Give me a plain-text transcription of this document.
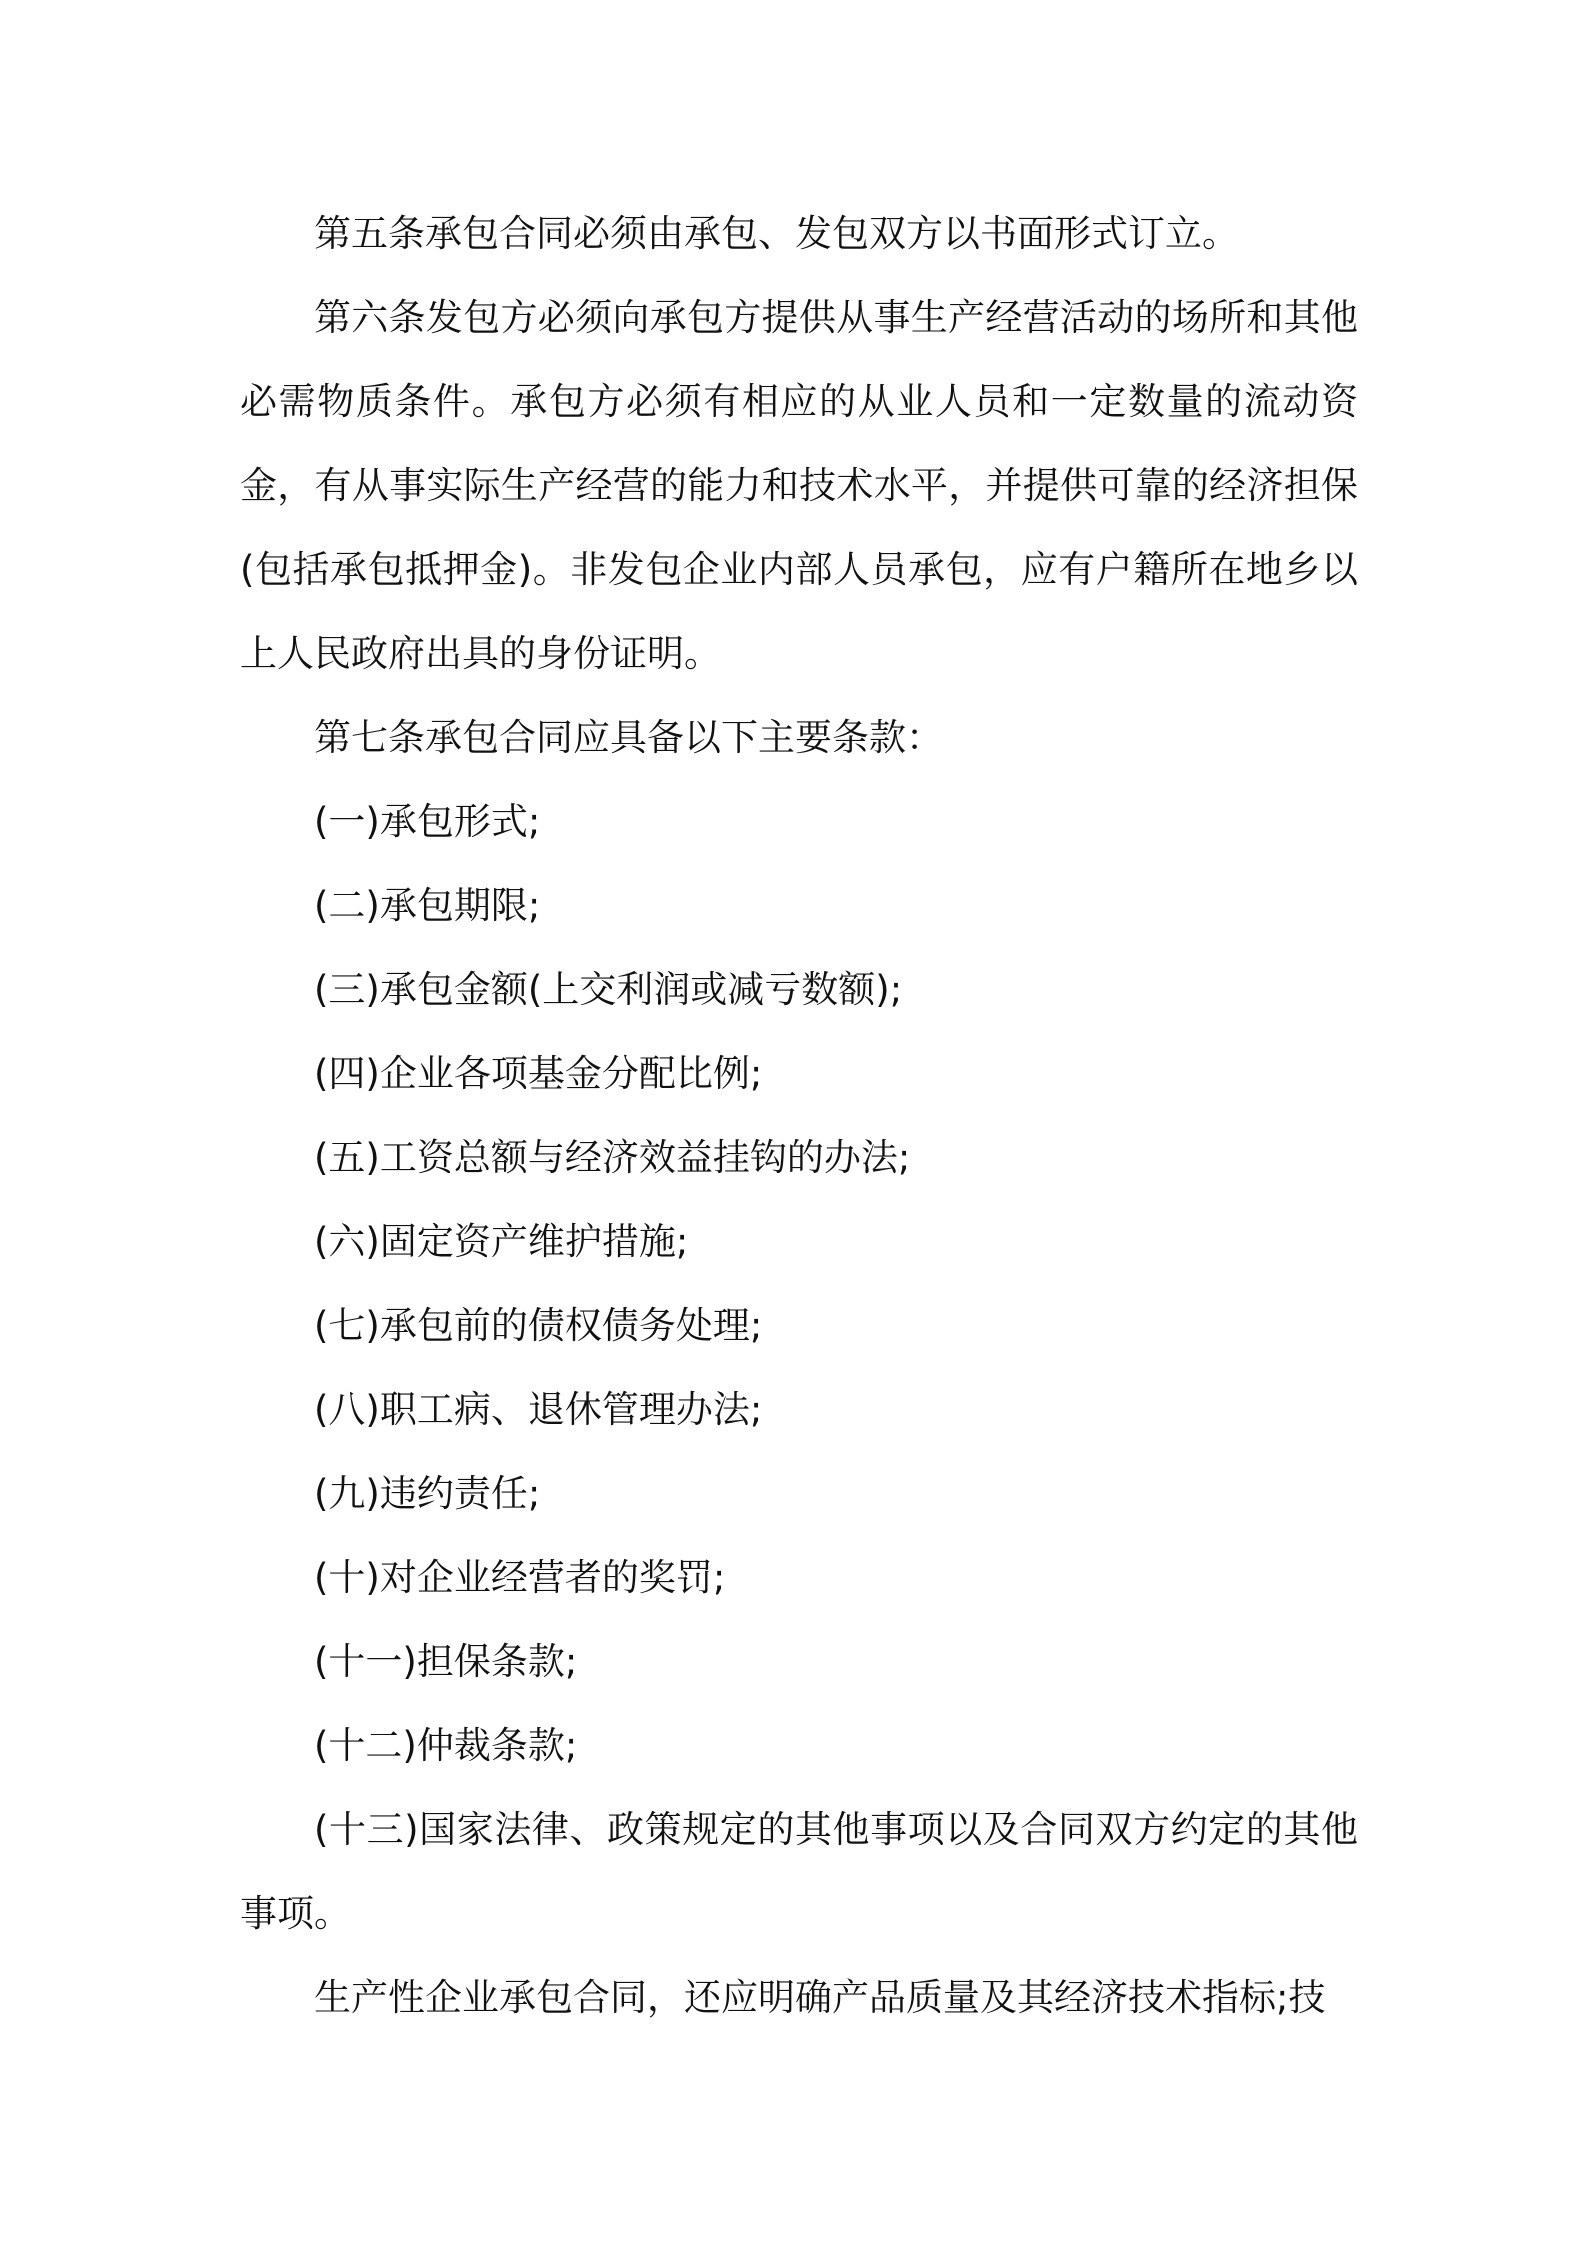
第五条承包合同必须由承包、发包双方以书面形式订立。

第六条发包方必须向承包方提供从事生产经营活动的场所和其他必需物质条件。承包方必须有相应的从业人员和一定数量的流动资金，有从事实际生产经营的能力和技术水平，并提供可靠的经济担保(包括承包抵押金)。非发包企业内部人员承包，应有户籍所在地乡以上人民政府出具的身份证明。

第七条承包合同应具备以下主要条款：

(一)承包形式;

(二)承包期限;

(三)承包金额(上交利润或减亏数额);

(四)企业各项基金分配比例;

(五)工资总额与经济效益挂钩的办法;

(六)固定资产维护措施;

(七)承包前的债权债务处理;

(八)职工病、退休管理办法;

(九)违约责任;

(十)对企业经营者的奖罚;

(十一)担保条款;

(十二)仲裁条款;

(十三)国家法律、政策规定的其他事项以及合同双方约定的其他事项。

生产性企业承包合同，还应明确产品质量及其经济技术指标;技
